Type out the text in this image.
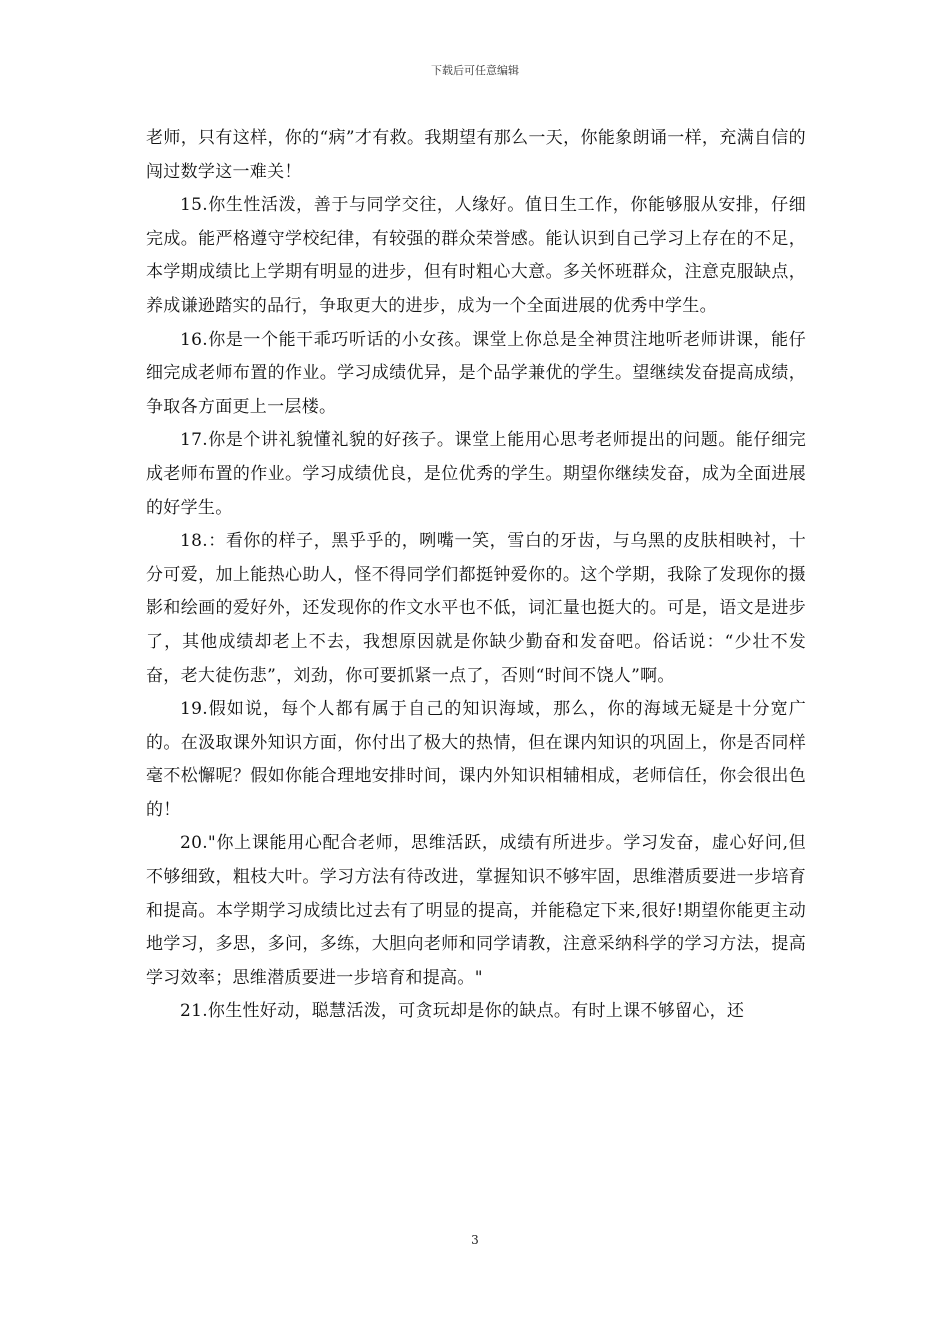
下载后可任意编辑

老师，只有这样，你的“病”才有救。我期望有那么一天，你能象朗诵一样，充满自信的闯过数学这一难关！

15.你生性活泼，善于与同学交往，人缘好。值日生工作，你能够服从安排，仔细完成。能严格遵守学校纪律，有较强的群众荣誉感。能认识到自己学习上存在的不足，本学期成绩比上学期有明显的进步，但有时粗心大意。多关怀班群众，注意克服缺点，养成谦逊踏实的品行，争取更大的进步，成为一个全面进展的优秀中学生。

16.你是一个能干乖巧听话的小女孩。课堂上你总是全神贯注地听老师讲课，能仔细完成老师布置的作业。学习成绩优异，是个品学兼优的学生。望继续发奋提高成绩，争取各方面更上一层楼。

17.你是个讲礼貌懂礼貌的好孩子。课堂上能用心思考老师提出的问题。能仔细完成老师布置的作业。学习成绩优良，是位优秀的学生。期望你继续发奋，成为全面进展的好学生。

18.：看你的样子，黑乎乎的，咧嘴一笑，雪白的牙齿，与乌黑的皮肤相映衬，十分可爱，加上能热心助人，怪不得同学们都挺钟爱你的。这个学期，我除了发现你的摄影和绘画的爱好外，还发现你的作文水平也不低，词汇量也挺大的。可是，语文是进步了，其他成绩却老上不去，我想原因就是你缺少勤奋和发奋吧。俗话说：“少壮不发奋，老大徒伤悲”，刘劲，你可要抓紧一点了，否则“时间不饶人”啊。

19.假如说，每个人都有属于自己的知识海域，那么，你的海域无疑是十分宽广的。在汲取课外知识方面，你付出了极大的热情，但在课内知识的巩固上，你是否同样毫不松懈呢？假如你能合理地安排时间，课内外知识相辅相成，老师信任，你会很出色的！

20."你上课能用心配合老师，思维活跃，成绩有所进步。学习发奋，虚心好问,但不够细致，粗枝大叶。学习方法有待改进，掌握知识不够牢固，思维潜质要进一步培育和提高。本学期学习成绩比过去有了明显的提高，并能稳定下来,很好!期望你能更主动地学习，多思，多问，多练，大胆向老师和同学请教，注意采纳科学的学习方法，提高学习效率；思维潜质要进一步培育和提高。"

21.你生性好动，聪慧活泼，可贪玩却是你的缺点。有时上课不够留心，还

3
